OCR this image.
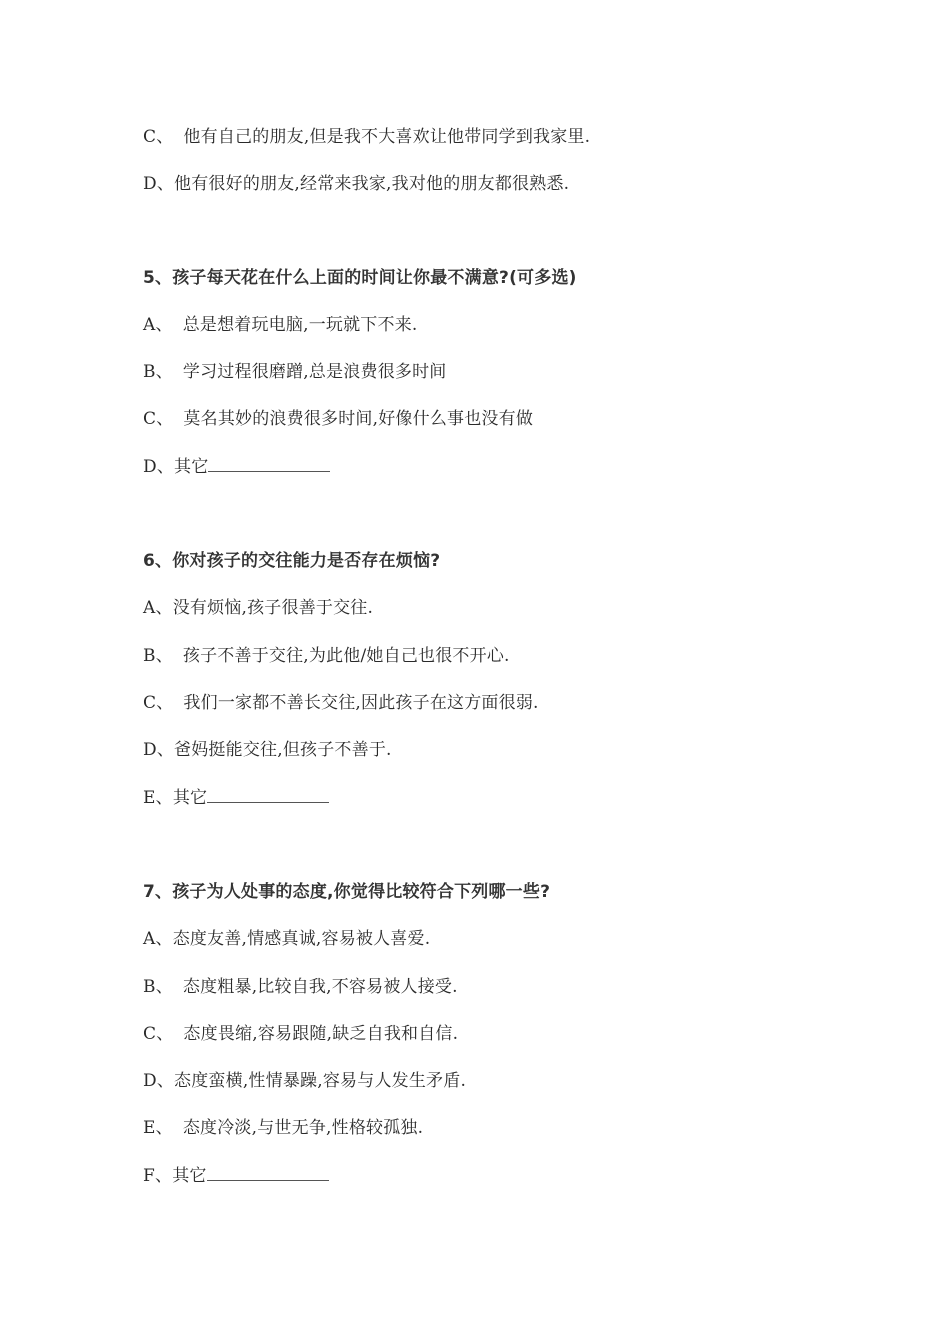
C、 他有自己的朋友,但是我不大喜欢让他带同学到我家里.
D、他有很好的朋友,经常来我家,我对他的朋友都很熟悉.
5、孩子每天花在什么上面的时间让你最不满意?(可多选)
A、 总是想着玩电脑,一玩就下不来.
B、 学习过程很磨蹭,总是浪费很多时间
C、 莫名其妙的浪费很多时间,好像什么事也没有做
D、其它
6、你对孩子的交往能力是否存在烦恼?
A、没有烦恼,孩子很善于交往.
B、 孩子不善于交往,为此他/她自己也很不开心.
C、 我们一家都不善长交往,因此孩子在这方面很弱.
D、爸妈挺能交往,但孩子不善于.
E、其它
7、孩子为人处事的态度,你觉得比较符合下列哪一些?
A、态度友善,情感真诚,容易被人喜爱.
B、 态度粗暴,比较自我,不容易被人接受.
C、 态度畏缩,容易跟随,缺乏自我和自信.
D、态度蛮横,性情暴躁,容易与人发生矛盾.
E、 态度冷淡,与世无争,性格较孤独.
F、其它
